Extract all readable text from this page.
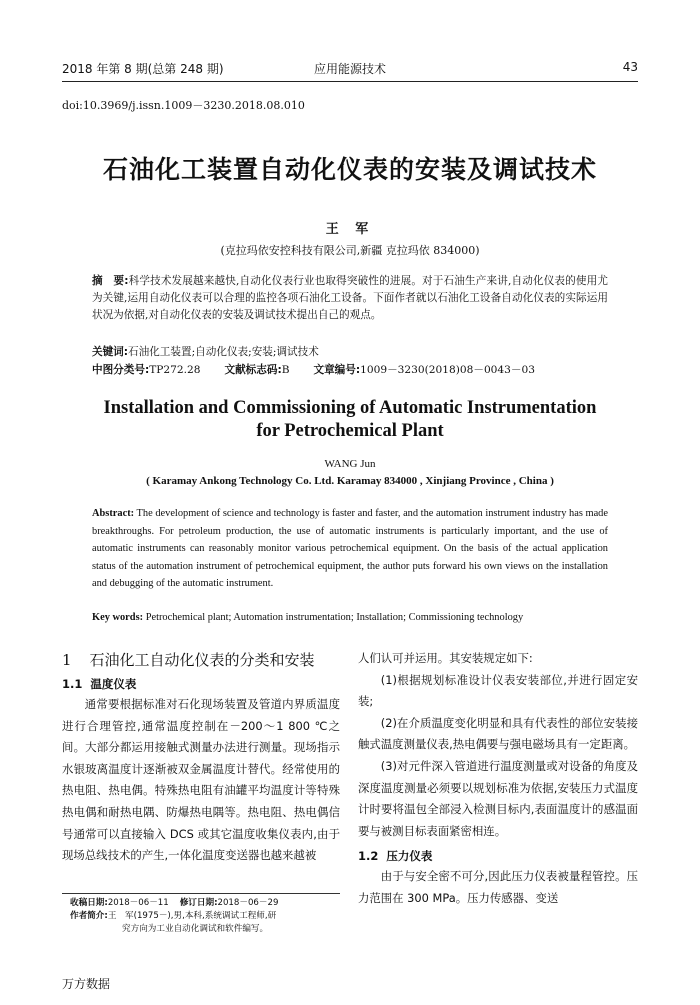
2018 年第 8 期(总第 248 期)	应用能源技术	43
doi:10.3969/j.issn.1009－3230.2018.08.010
石油化工装置自动化仪表的安装及调试技术
王 军
(克拉玛依安控科技有限公司,新疆 克拉玛依 834000)
摘　要:科学技术发展越来越快,自动化仪表行业也取得突破性的进展。对于石油生产来讲,自动化仪表的使用尤为关键,运用自动化仪表可以合理的监控各项石油化工设备。下面作者就以石油化工设备自动化仪表的实际运用状况为依据,对自动化仪表的安装及调试技术提出自己的观点。
关键词:石油化工装置;自动化仪表;安装;调试技术
中图分类号:TP272.28 文献标志码:B 文章编号:1009－3230(2018)08－0043－03
Installation and Commissioning of Automatic Instrumentation
for Petrochemical Plant
WANG Jun
( Karamay Ankong Technology Co. Ltd. Karamay 834000 , Xinjiang Province , China )
Abstract: The development of science and technology is faster and faster, and the automation instrument industry has made breakthroughs. For petroleum production, the use of automatic instruments is particularly important, and the use of automatic instruments can reasonably monitor various petrochemical equipment. On the basis of the actual application status of the automation instrument of petrochemical equipment, the author puts forward his own views on the installation and debugging of the automatic instrument.
Key words: Petrochemical plant; Automation instrumentation; Installation; Commissioning technology
1 石油化工自动化仪表的分类和安装
1.1 温度仪表
通常要根据标准对石化现场装置及管道内界质温度进行合理管控,通常温度控制在－200～1 800 ℃之间。大部分都运用接触式测量办法进行测量。现场指示水银玻离温度计逐渐被双金属温度计替代。经常使用的热电阻、热电偶。特殊热电阻有油罐平均温度计等特殊热电偶和耐热电隅、防爆热电隅等。热电阻、热电偶信号通常可以直接输入 DCS 或其它温度收集仪表内,由于现场总线技术的产生,一体化温度变送器也越来越被
收稿日期:2018－06－11 修订日期:2018－06－29
作者简介:王　军(1975－),男,本科,系统调试工程师,研
究方向为工业自动化调试和软件编写。
人们认可并运用。其安装规定如下:
(1)根据规划标准设计仪表安装部位,并进行固定安装;
(2)在介质温度变化明显和具有代表性的部位安装接触式温度测量仪表,热电偶要与强电磁场具有一定距离。
(3)对元件深入管道进行温度测量或对设备的角度及深度温度测量必须要以规划标准为依据,安装压力式温度计时要将温包全部浸入检测目标内,表面温度计的感温面要与被测目标表面紧密相连。
1.2 压力仪表
由于与安全密不可分,因此压力仪表被量程管控。压力范围在 300 MPa。压力传感器、变送
万方数据
